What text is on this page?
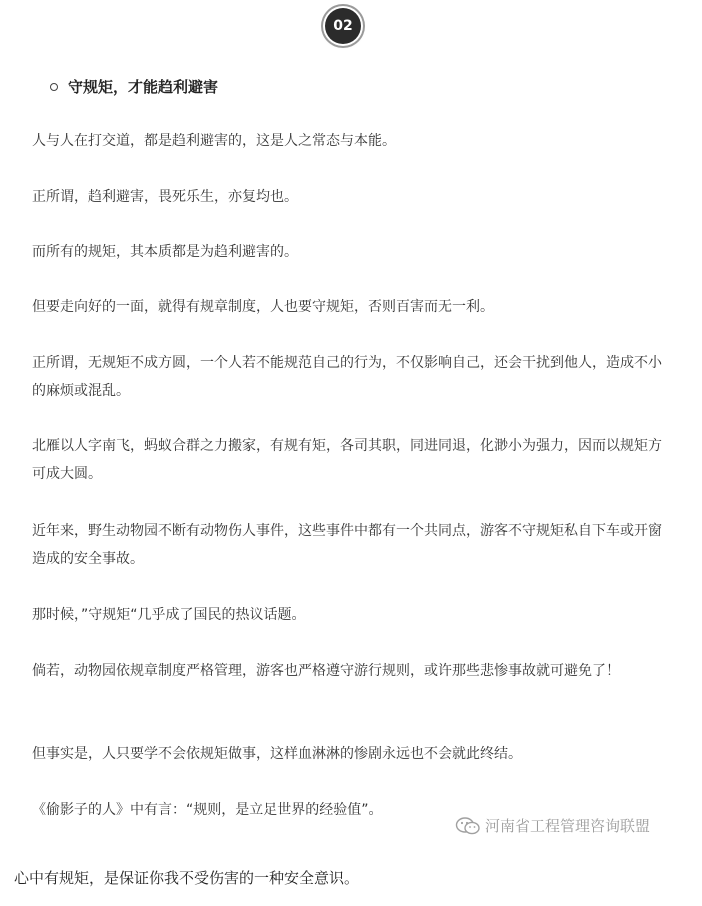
02
守规矩，才能趋利避害

人与人在打交道，都是趋利避害的，这是人之常态与本能。

正所谓，趋利避害，畏死乐生，亦复均也。

而所有的规矩，其本质都是为趋利避害的。

但要走向好的一面，就得有规章制度，人也要守规矩，否则百害而无一利。

正所谓，无规矩不成方圆，一个人若不能规范自己的行为，不仅影响自己，还会干扰到他人，造成不小的麻烦或混乱。

北雁以人字南飞，蚂蚁合群之力搬家，有规有矩，各司其职，同进同退，化渺小为强力，因而以规矩方可成大圆。

近年来，野生动物园不断有动物伤人事件，这些事件中都有一个共同点，游客不守规矩私自下车或开窗造成的安全事故。

那时候，”守规矩“几乎成了国民的热议话题。

倘若，动物园依规章制度严格管理，游客也严格遵守游行规则，或许那些悲惨事故就可避免了！

但事实是，人只要学不会依规矩做事，这样血淋淋的惨剧永远也不会就此终结。

《偷影子的人》中有言：“规则，是立足世界的经验值”。

河南省工程管理咨询联盟

心中有规矩，是保证你我不受伤害的一种安全意识。
